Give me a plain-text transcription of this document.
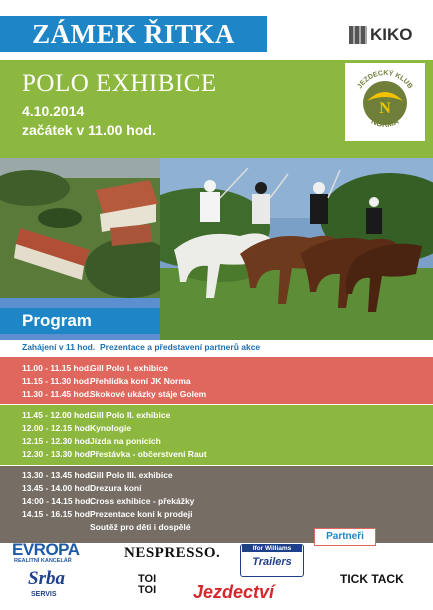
ZÁMEK ŘITKA	KIKO
POLO EXHIBICE
4.10.2014
začátek v 11.00 hod.
N
JEZDECKÝ KLUB
NORMA
Program
Zahájení v 11 hod. Prezentace a představení partnerů akce
11.00 - 11.15 hod.Gill Polo I. exhibice
11.15 - 11.30 hod.Přehlídka koní JK Norma
11.30 - 11.45 hod.Skokové ukázky stáje Golem
11.45 - 12.00 hod.Gill Polo II. exhibice
12.00 - 12.15 hod.Kynologie
12.15 - 12.30 hod.Jízda na ponících
12.30 - 13.30 hod.Přestávka - občerstvení Raut
13.30 - 13.45 hod.Gill Polo III. exhibice
13.45 - 14.00 hod.Drezura koní
14:00 - 14.15 hod.Cross exhibice - překážky
14.15 - 16.15 hod.Prezentace koní k prodeji
Soutěž pro děti i dospělé
Partneři
EVROPA
REALITNÍ KANCELÁŘ	NESPRESSO.	Ifor Williams
Trailers
Srba
SERVIS
TOI
TOI Jezdectví
TICK TACK
